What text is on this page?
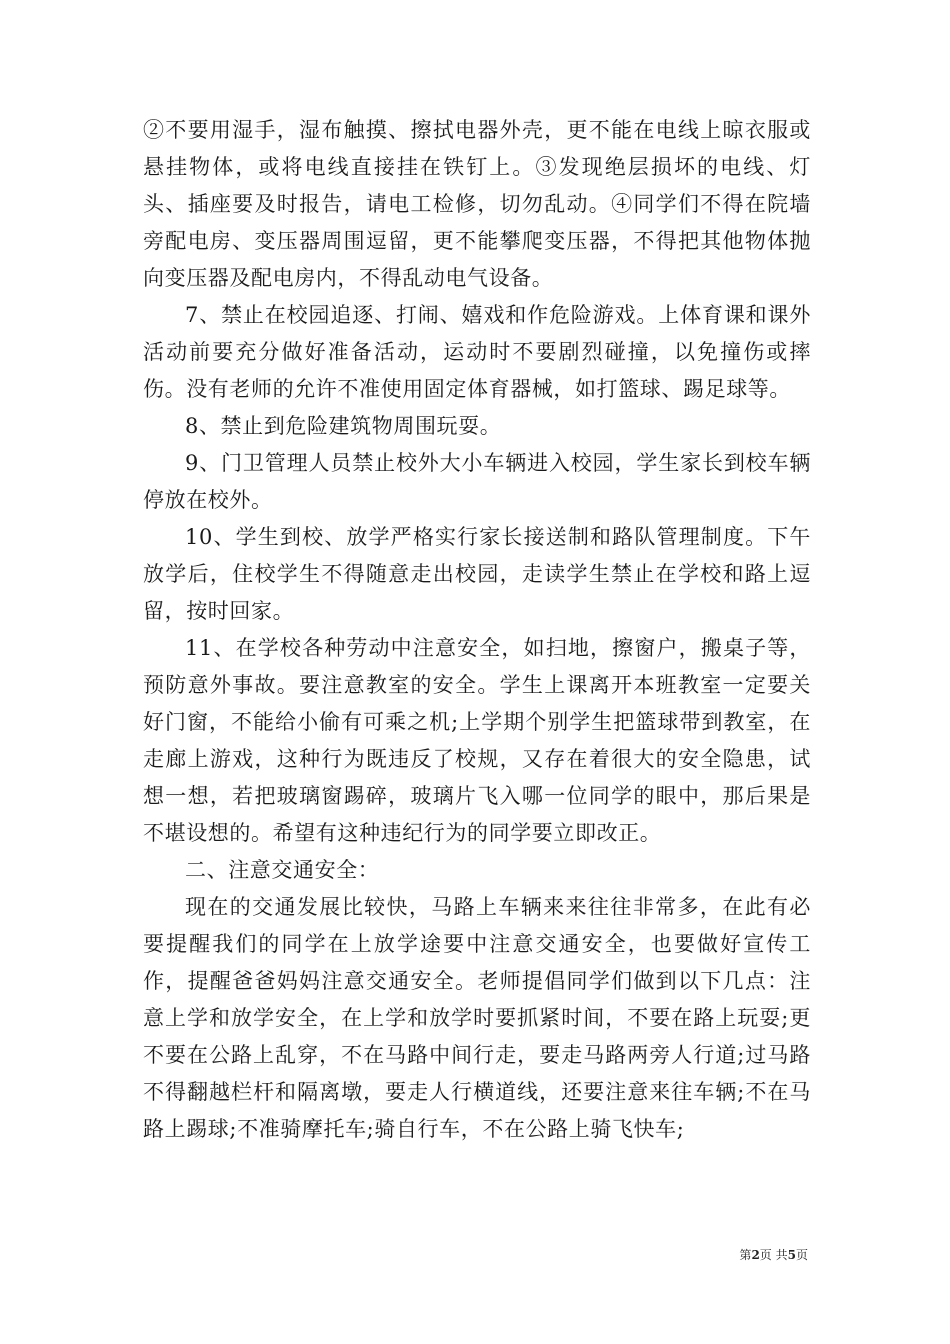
②不要用湿手，湿布触摸、擦拭电器外壳，更不能在电线上晾衣服或悬挂物体，或将电线直接挂在铁钉上。③发现绝层损坏的电线、灯头、插座要及时报告，请电工检修，切勿乱动。④同学们不得在院墙旁配电房、变压器周围逗留，更不能攀爬变压器，不得把其他物体抛向变压器及配电房内，不得乱动电气设备。

7、禁止在校园追逐、打闹、嬉戏和作危险游戏。上体育课和课外活动前要充分做好准备活动，运动时不要剧烈碰撞，以免撞伤或摔伤。没有老师的允许不准使用固定体育器械，如打篮球、踢足球等。

8、禁止到危险建筑物周围玩耍。

9、门卫管理人员禁止校外大小车辆进入校园，学生家长到校车辆停放在校外。

10、学生到校、放学严格实行家长接送制和路队管理制度。下午放学后，住校学生不得随意走出校园，走读学生禁止在学校和路上逗留，按时回家。

11、在学校各种劳动中注意安全，如扫地，擦窗户，搬桌子等，预防意外事故。要注意教室的安全。学生上课离开本班教室一定要关好门窗，不能给小偷有可乘之机;上学期个别学生把篮球带到教室，在走廊上游戏，这种行为既违反了校规，又存在着很大的安全隐患，试想一想，若把玻璃窗踢碎，玻璃片飞入哪一位同学的眼中，那后果是不堪设想的。希望有这种违纪行为的同学要立即改正。

二、注意交通安全：

现在的交通发展比较快，马路上车辆来来往往非常多，在此有必要提醒我们的同学在上放学途要中注意交通安全，也要做好宣传工作，提醒爸爸妈妈注意交通安全。老师提倡同学们做到以下几点：注意上学和放学安全，在上学和放学时要抓紧时间，不要在路上玩耍;更不要在公路上乱穿，不在马路中间行走，要走马路两旁人行道;过马路不得翻越栏杆和隔离墩，要走人行横道线，还要注意来往车辆;不在马路上踢球;不准骑摩托车;骑自行车，不在公路上骑飞快车;

第2页 共5页
